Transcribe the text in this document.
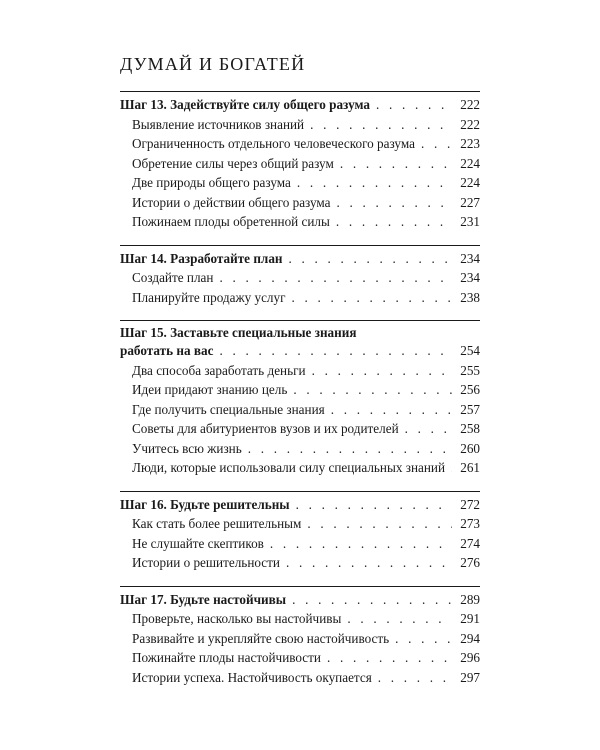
ДУМАЙ И БОГАТЕЙ
Шаг 13. Задействуйте силу общего разума . . .	222
Выявление источников знаний . . .	222
Ограниченность отдельного человеческого разума . . .	223
Обретение силы через общий разум . . .	224
Две природы общего разума . . .	224
Истории о действии общего разума . . .	227
Пожинаем плоды обретенной силы . . .	231
Шаг 14. Разработайте план . . .	234
Создайте план . . .	234
Планируйте продажу услуг . . .	238
Шаг 15. Заставьте специальные знания
работать на вас . . .	254
Два способа заработать деньги . . .	255
Идеи придают знанию цель . . .	256
Где получить специальные знания . . .	257
Советы для абитуриентов вузов и их родителей . . .	258
Учитесь всю жизнь . . .	260
Люди, которые использовали силу специальных знаний . . . 261
Шаг 16. Будьте решительны . . .	272
Как стать более решительным . . .	273
Не слушайте скептиков . . .	274
Истории о решительности . . .	276
Шаг 17. Будьте настойчивы . . .	289
Проверьте, насколько вы настойчивы . . .	291
Развивайте и укрепляйте свою настойчивость . . .	294
Пожинайте плоды настойчивости . . .	296
Истории успеха. Настойчивость окупается . . .	297
